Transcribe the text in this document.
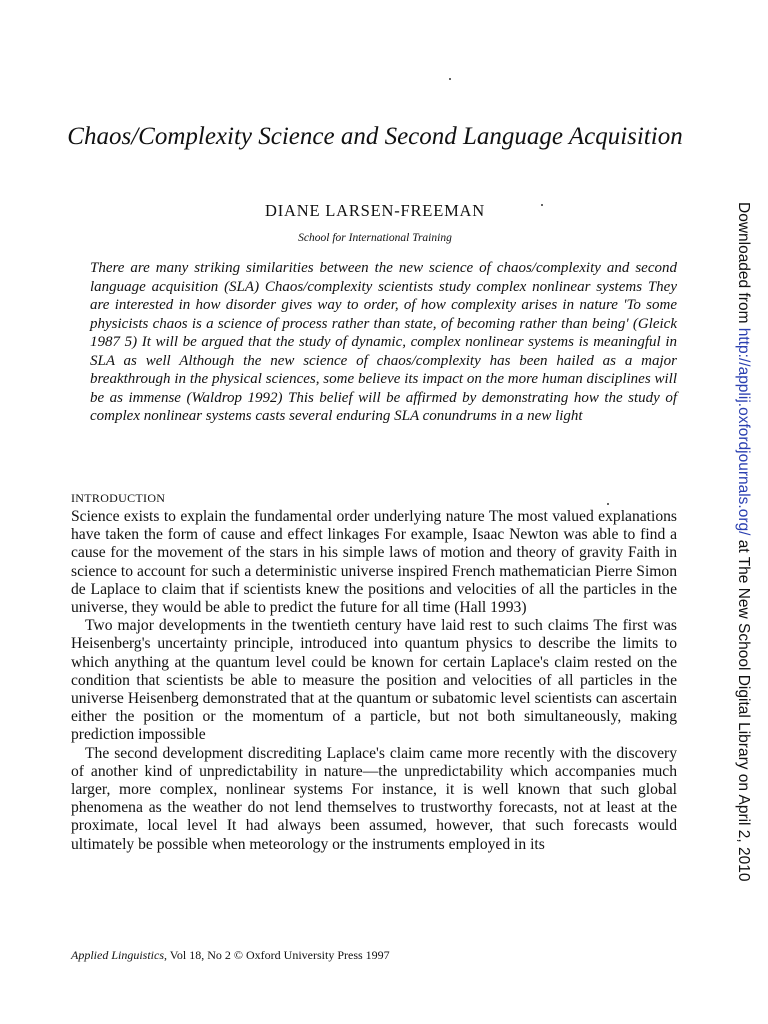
Chaos/Complexity Science and Second Language Acquisition
DIANE LARSEN-FREEMAN
School for International Training
There are many striking similarities between the new science of chaos/complexity and second language acquisition (SLA) Chaos/complexity scientists study complex nonlinear systems They are interested in how disorder gives way to order, of how complexity arises in nature 'To some physicists chaos is a science of process rather than state, of becoming rather than being' (Gleick 1987 5) It will be argued that the study of dynamic, complex nonlinear systems is meaningful in SLA as well Although the new science of chaos/complexity has been hailed as a major breakthrough in the physical sciences, some believe its impact on the more human disciplines will be as immense (Waldrop 1992) This belief will be affirmed by demonstrating how the study of complex nonlinear systems casts several enduring SLA conundrums in a new light
INTRODUCTION

Science exists to explain the fundamental order underlying nature The most valued explanations have taken the form of cause and effect linkages For example, Isaac Newton was able to find a cause for the movement of the stars in his simple laws of motion and theory of gravity Faith in science to account for such a deterministic universe inspired French mathematician Pierre Simon de Laplace to claim that if scientists knew the positions and velocities of all the particles in the universe, they would be able to predict the future for all time (Hall 1993)

Two major developments in the twentieth century have laid rest to such claims The first was Heisenberg's uncertainty principle, introduced into quantum physics to describe the limits to which anything at the quantum level could be known for certain Laplace's claim rested on the condition that scientists be able to measure the position and velocities of all particles in the universe Heisenberg demonstrated that at the quantum or subatomic level scientists can ascertain either the position or the momentum of a particle, but not both simultaneously, making prediction impossible

The second development discrediting Laplace's claim came more recently with the discovery of another kind of unpredictability in nature—the unpredictability which accompanies much larger, more complex, nonlinear systems For instance, it is well known that such global phenomena as the weather do not lend themselves to trustworthy forecasts, not at least at the proximate, local level It had always been assumed, however, that such forecasts would ultimately be possible when meteorology or the instruments employed in its

Applied Linguistics, Vol 18, No 2 © Oxford University Press 1997
Downloaded from http://applij.oxfordjournals.org/ at The New School Digital Library on April 2, 2010
